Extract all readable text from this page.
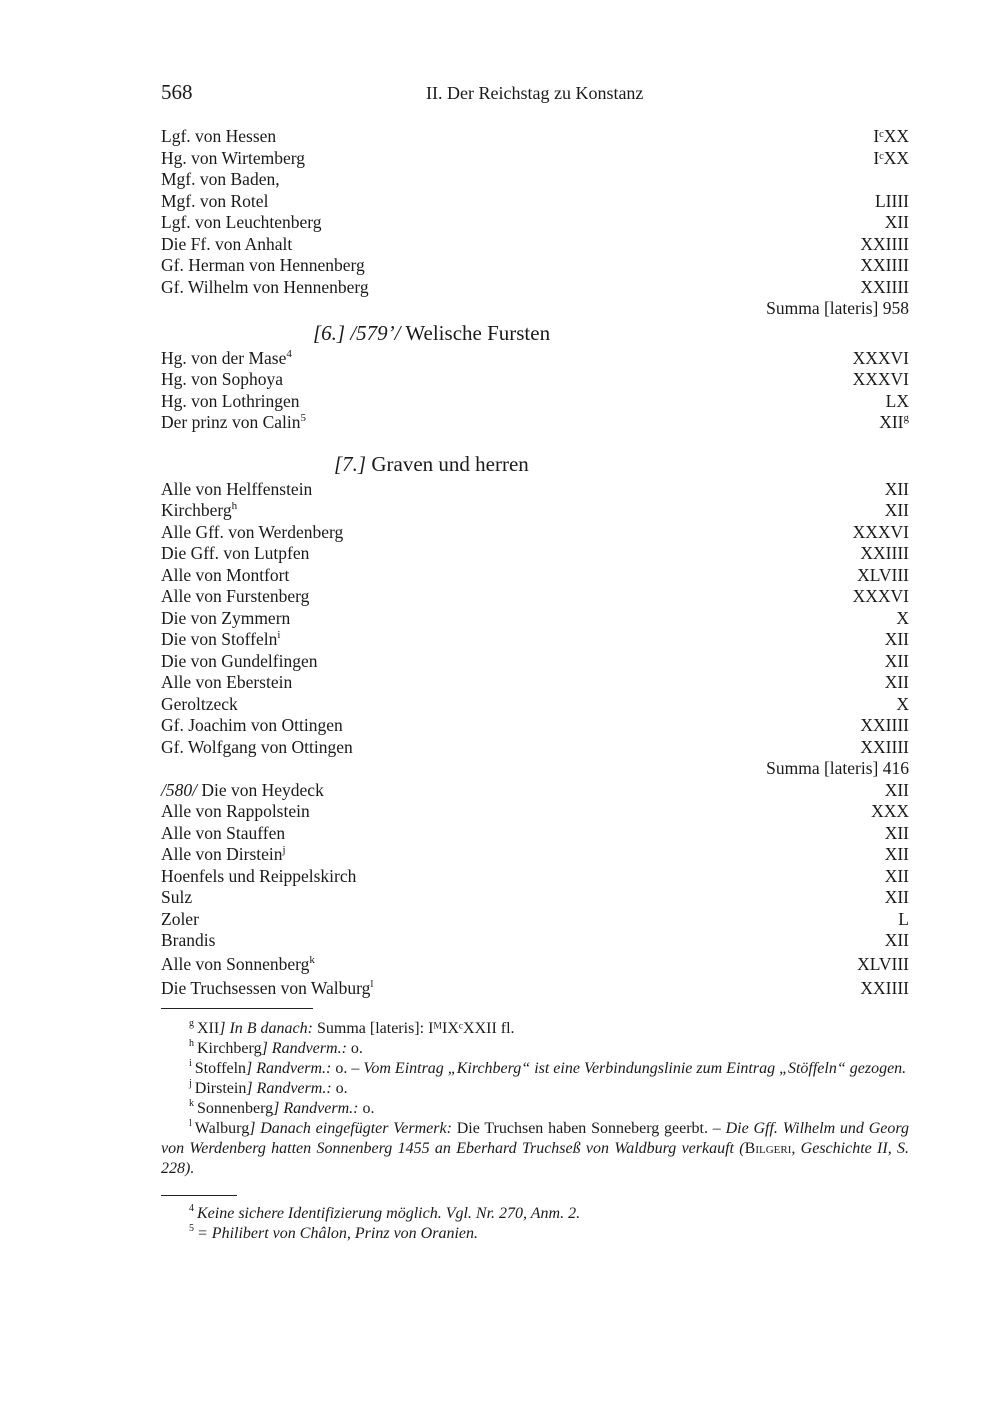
568	II. Der Reichstag zu Konstanz
Lgf. von Hessen	IᶜXX
Hg. von Wirtemberg	IᶜXX
Mgf. von Baden,
Mgf. von Rotel	LIIII
Lgf. von Leuchtenberg	XII
Die Ff. von Anhalt	XXIIII
Gf. Herman von Hennenberg	XXIIII
Gf. Wilhelm von Hennenberg	XXIIII
Summa [lateris] 958
[6.] /579’/ Welische Fursten
Hg. von der Mase$^4$	XXXVI
Hg. von Sophoya	XXXVI
Hg. von Lothringen	LX
Der prinz von Calin$^5$	XII$^g$
[7.] Graven und herren
Alle von Helffenstein	XII
Kirchberg$^h$	XII
Alle Gff. von Werdenberg	XXXVI
Die Gff. von Lutpfen	XXIIII
Alle von Montfort	XLVIII
Alle von Furstenberg	XXXVI
Die von Zymmern	X
Die von Stoffeln$^i$	XII
Die von Gundelfingen	XII
Alle von Eberstein	XII
Geroltzeck	X
Gf. Joachim von Ottingen	XXIIII
Gf. Wolfgang von Ottingen	XXIIII
Summa [lateris] 416
/580/ Die von Heydeck	XII
Alle von Rappolstein	XXX
Alle von Stauffen	XII
Alle von Dirstein$^j$	XII
Hoenfels und Reippelskirch	XII
Sulz	XII
Zoler	L
Brandis	XII
Alle von Sonnenberg$^k$	XLVIII
Die Truchsessen von Walburg$^l$	XXIIII

$^g$ XII] In B danach: Summa [lateris]: IᴹIXᶜXXII fl.

$^h$ Kirchberg] Randverm.: o.

$^i$ Stoffeln] Randverm.: o. – Vom Eintrag „Kirchberg“ ist eine Verbindungslinie zum Eintrag „Stöffeln“ gezogen.

$^j$ Dirstein] Randverm.: o.

$^k$ Sonnenberg] Randverm.: o.

$^l$ Walburg] Danach eingefügter Vermerk: Die Truchsen haben Sonneberg geerbt. – Die Gff. Wilhelm und Georg von Werdenberg hatten Sonnenberg 1455 an Eberhard Truchseß von Waldburg verkauft (Bilgeri, Geschichte II, S. 228).

$^4$ Keine sichere Identifizierung möglich. Vgl. Nr. 270, Anm. 2.

$^5$ = Philibert von Châlon, Prinz von Oranien.
